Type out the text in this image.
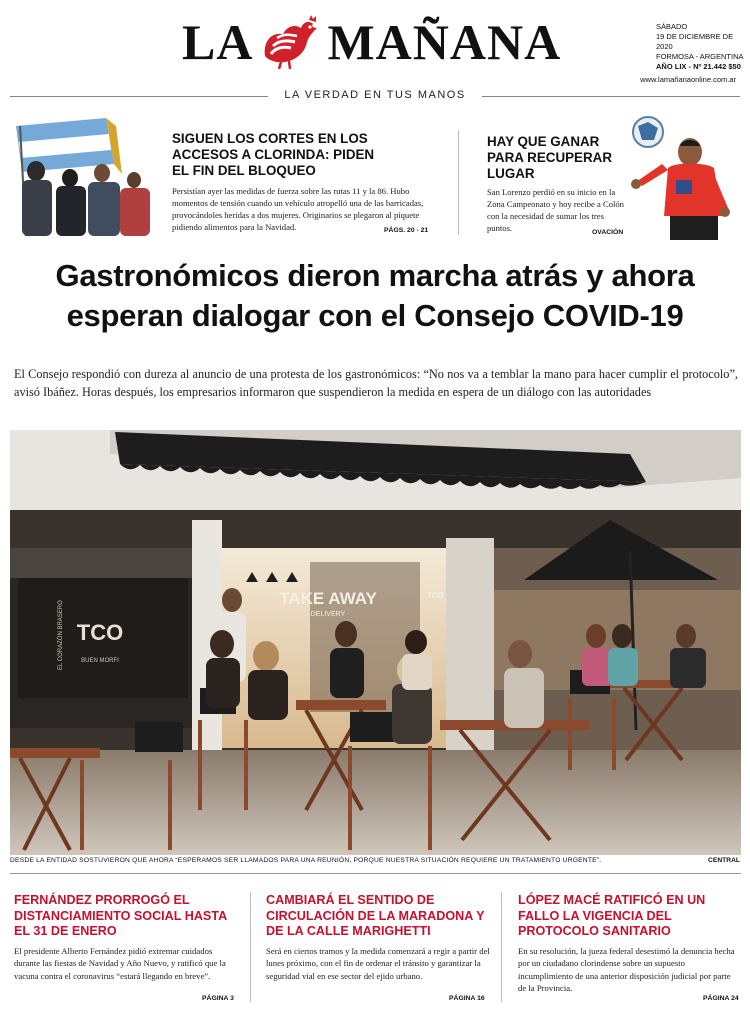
LA MAÑANA	SÁBADO
19 DE DICIEMBRE DE 2020
FORMOSA - ARGENTINA
AÑO LIX - Nº 21.442 $50
www.lamañanaonline.com.ar
LA VERDAD EN TUS MANOS
SIGUEN LOS CORTES EN LOS ACCESOS A CLORINDA: PIDEN EL FIN DEL BLOQUEO

Persistían ayer las medidas de fuerza sobre las rutas 11 y la 86. Hubo momentos de tensión cuando un vehículo atropelló una de las barricadas, provocándoles heridas a dos mujeres. Originarios se plegaron al piquete pidiendo alimentos para la Navidad.	PÁGS. 20 - 21
HAY QUE GANAR PARA RECUPERAR LUGAR

San Lorenzo perdió en su inicio en la Zona Campeonato y hoy recibe a Colón con la necesidad de sumar los tres puntos.	OVACIÓN
Gastronómicos dieron marcha atrás y ahora esperan dialogar con el Consejo COVID-19

El Consejo respondió con dureza al anuncio de una protesta de los gastronómicos: “No nos va a temblar la mano para hacer cumplir el protocolo”, avisó Ibáñez. Horas después, los empresarios informaron que suspendieron la medida en espera de un diálogo con las autoridades

TCO
BUEN MORFI
EL CORAZÓN BRASERO
TAKE AWAY
DELIVERY
TCO
DESDE LA ENTIDAD SOSTUVIERON QUE AHORA “ESPERAMOS SER LLAMADOS PARA UNA REUNIÓN, PORQUE NUESTRA SITUACIÓN REQUIERE UN TRATAMIENTO URGENTE”.	CENTRAL
FERNÁNDEZ PRORROGÓ EL DISTANCIAMIENTO SOCIAL HASTA EL 31 DE ENERO

El presidente Alberto Fernández pidió extremar cuidados durante las fiestas de Navidad y Año Nuevo, y ratificó que la vacuna contra el coronavirus “estará llegando en breve”.

PÁGINA 3
CAMBIARÁ EL SENTIDO DE CIRCULACIÓN DE LA MARADONA Y DE LA CALLE MARIGHETTI

Será en ciertos tramos y la medida comenzará a regir a partir del lunes próximo, con el fin de ordenar el tránsito y garantizar la seguridad vial en ese sector del ejido urbano.

PÁGINA 16
LÓPEZ MACÉ RATIFICÓ EN UN FALLO LA VIGENCIA DEL PROTOCOLO SANITARIO

En su resolución, la jueza federal desestimó la denuncia hecha por un ciudadano clorindense sobre un supuesto incumplimiento de una anterior disposición judicial por parte de la Provincia.

PÁGINA 24
